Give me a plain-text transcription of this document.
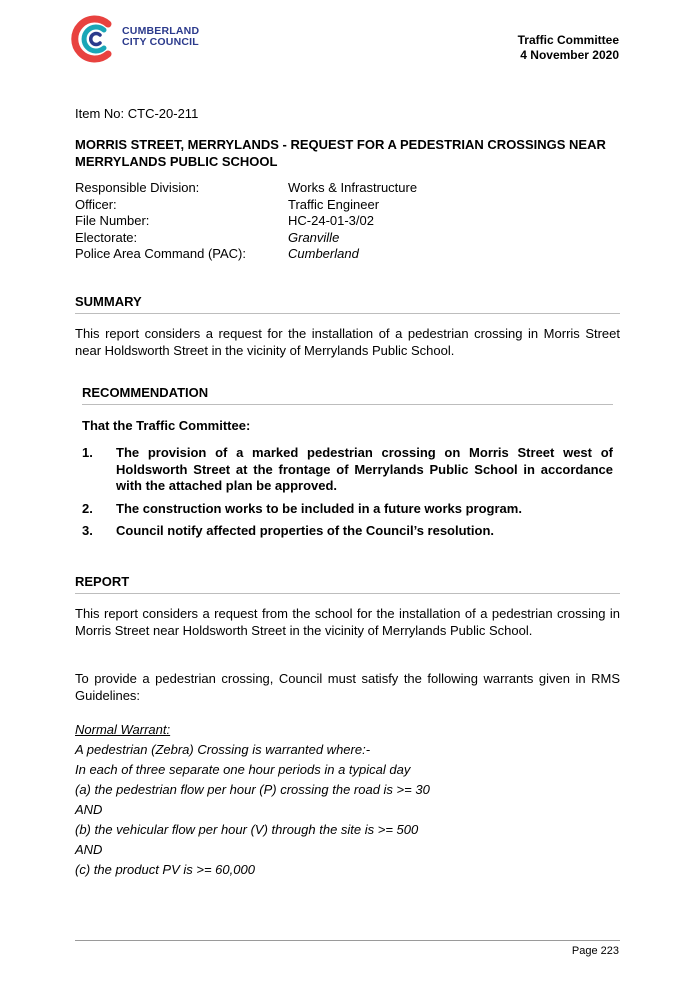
CUMBERLAND
CITY COUNCIL	Traffic Committee
4 November 2020
Item No: CTC-20-211
MORRIS STREET, MERRYLANDS - REQUEST FOR A PEDESTRIAN CROSSINGS NEAR MERRYLANDS PUBLIC SCHOOL
Responsible Division:	Works & Infrastructure
Officer:	Traffic Engineer
File Number:	HC-24-01-3/02
Electorate:	Granville
Police Area Command (PAC):	Cumberland
SUMMARY
This report considers a request for the installation of a pedestrian crossing in Morris Street near Holdsworth Street in the vicinity of Merrylands Public School.
RECOMMENDATION
That the Traffic Committee:
1. The provision of a marked pedestrian crossing on Morris Street west of Holdsworth Street at the frontage of Merrylands Public School in accordance with the attached plan be approved.
2. The construction works to be included in a future works program.
3. Council notify affected properties of the Council’s resolution.
REPORT
This report considers a request from the school for the installation of a pedestrian crossing in Morris Street near Holdsworth Street in the vicinity of Merrylands Public School.
To provide a pedestrian crossing, Council must satisfy the following warrants given in RMS Guidelines:
Normal Warrant:
A pedestrian (Zebra) Crossing is warranted where:-
In each of three separate one hour periods in a typical day
(a) the pedestrian flow per hour (P) crossing the road is >= 30
AND
(b) the vehicular flow per hour (V) through the site is >= 500
AND
(c) the product PV is >= 60,000
Page 223
